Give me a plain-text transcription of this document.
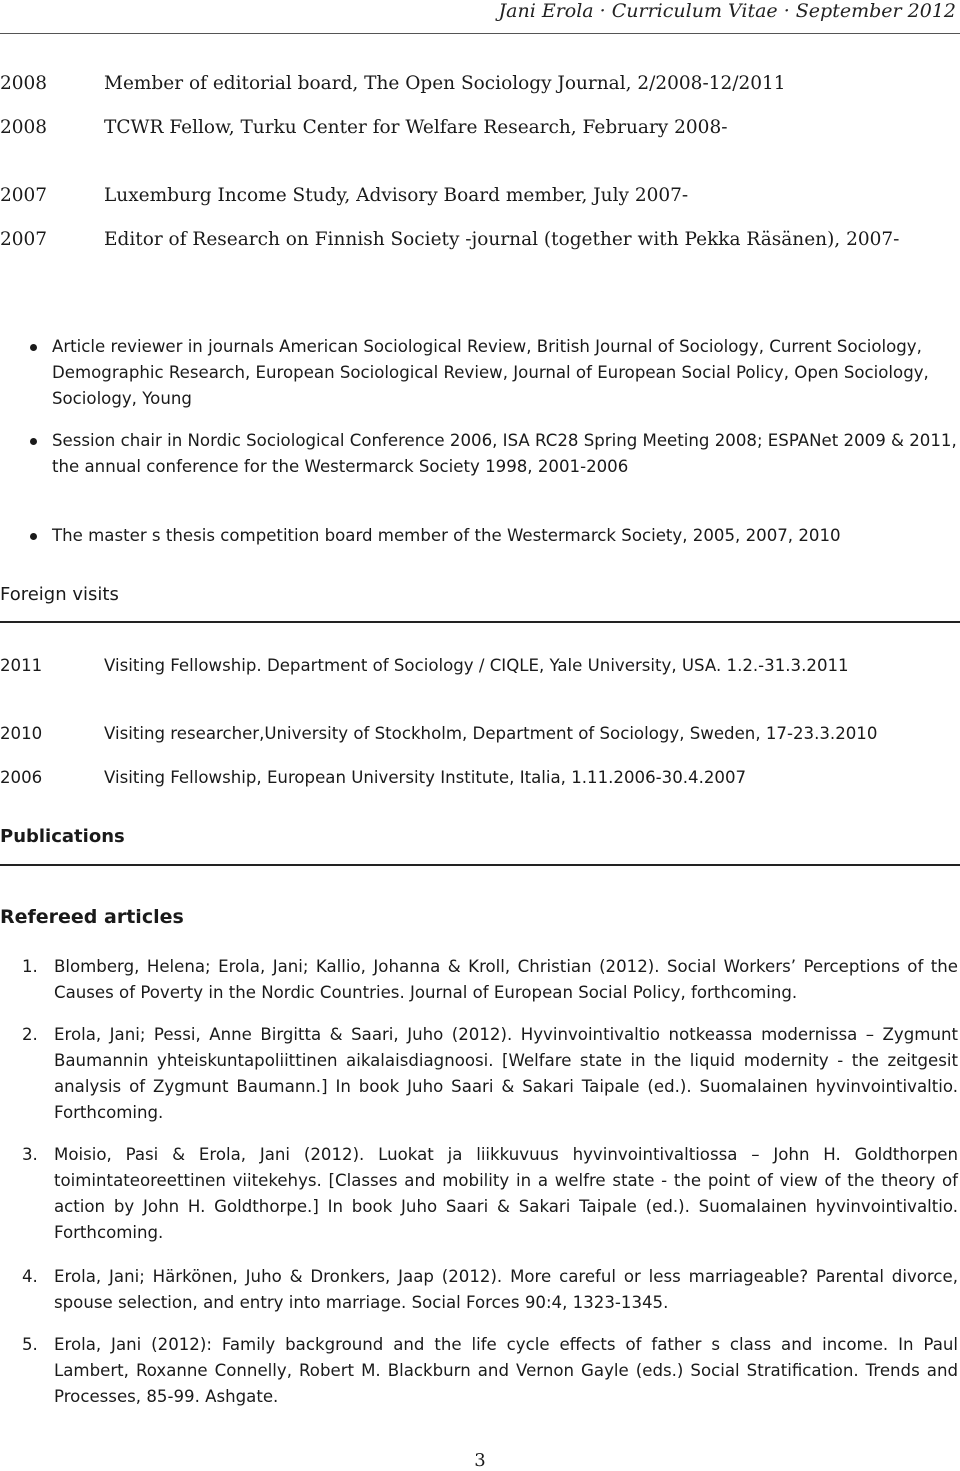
Jani Erola · Curriculum Vitae · September 2012
2008	Member of editorial board, The Open Sociology Journal, 2/2008-12/2011
2008	TCWR Fellow, Turku Center for Welfare Research, February 2008-
2007	Luxemburg Income Study, Advisory Board member, July 2007-
2007	Editor of Research on Finnish Society -journal (together with Pekka Räsänen), 2007-
Article reviewer in journals American Sociological Review, British Journal of Sociology, Current Sociology, Demographic Research, European Sociological Review, Journal of European Social Policy, Open Sociology, Sociology, Young
Session chair in Nordic Sociological Conference 2006, ISA RC28 Spring Meeting 2008; ESPANet 2009 & 2011, the annual conference for the Westermarck Society 1998, 2001-2006
The master s thesis competition board member of the Westermarck Society, 2005, 2007, 2010
Foreign visits
2011	Visiting Fellowship. Department of Sociology / CIQLE, Yale University, USA. 1.2.-31.3.2011
2010	Visiting researcher,University of Stockholm, Department of Sociology, Sweden, 17-23.3.2010
2006	Visiting Fellowship, European University Institute, Italia, 1.11.2006-30.4.2007
Publications
Refereed articles
1. Blomberg, Helena; Erola, Jani; Kallio, Johanna & Kroll, Christian (2012). Social Workers’ Perceptions of the Causes of Poverty in the Nordic Countries. Journal of European Social Policy, forthcoming.
2. Erola, Jani; Pessi, Anne Birgitta & Saari, Juho (2012). Hyvinvointivaltio notkeassa modernissa – Zygmunt Baumannin yhteiskuntapoliittinen aikalaisdiagnoosi. [Welfare state in the liquid modernity - the zeitgesit analysis of Zygmunt Baumann.] In book Juho Saari & Sakari Taipale (ed.). Suomalainen hyvinvointivaltio. Forthcoming.
3. Moisio, Pasi & Erola, Jani (2012). Luokat ja liikkuvuus hyvinvointivaltiossa – John H. Goldthorpen toimintateoreettinen viitekehys. [Classes and mobility in a welfre state - the point of view of the theory of action by John H. Goldthorpe.] In book Juho Saari & Sakari Taipale (ed.). Suomalainen hyvinvointivaltio. Forthcoming.
4. Erola, Jani; Härkönen, Juho & Dronkers, Jaap (2012). More careful or less marriageable? Parental divorce, spouse selection, and entry into marriage. Social Forces 90:4, 1323-1345.
5. Erola, Jani (2012): Family background and the life cycle effects of father s class and income. In Paul Lambert, Roxanne Connelly, Robert M. Blackburn and Vernon Gayle (eds.) Social Stratification. Trends and Processes, 85-99. Ashgate.
3
